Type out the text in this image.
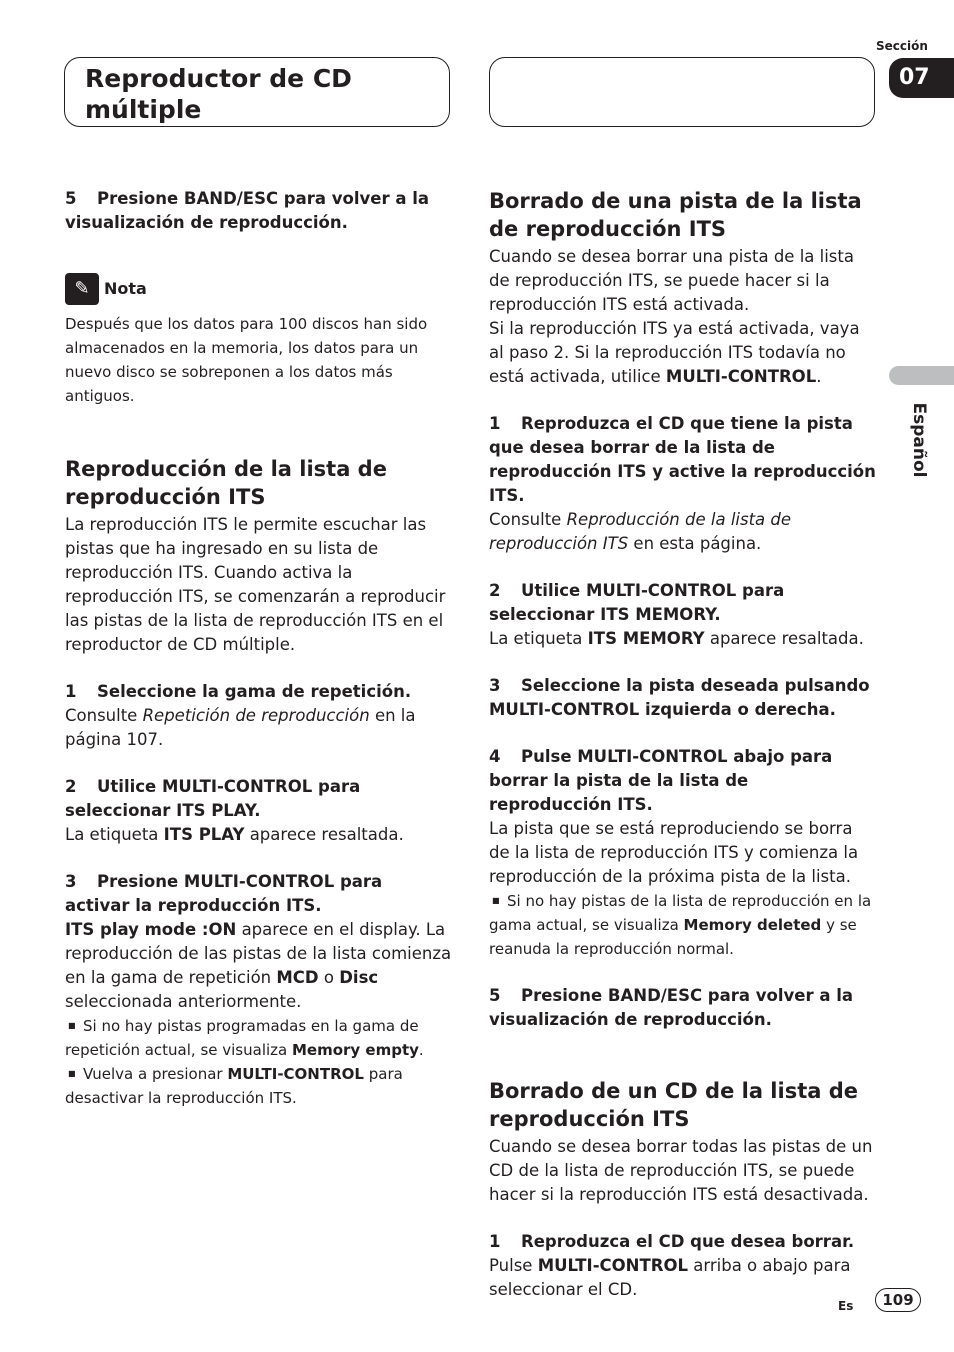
Reproductor de CD múltiple
Sección
07
Español

5 Presione BAND/ESC para volver a la visualización de reproducción.

✎ Nota

Después que los datos para 100 discos han sido almacenados en la memoria, los datos para un nuevo disco se sobreponen a los datos más antiguos.

Reproducción de la lista de reproducción ITS

La reproducción ITS le permite escuchar las pistas que ha ingresado en su lista de reproducción ITS. Cuando activa la reproducción ITS, se comenzarán a reproducir las pistas de la lista de reproducción ITS en el reproductor de CD múltiple.

1 Seleccione la gama de repetición.

Consulte Repetición de reproducción en la página 107.

2 Utilice MULTI-CONTROL para seleccionar ITS PLAY.

La etiqueta ITS PLAY aparece resaltada.

3 Presione MULTI-CONTROL para activar la reproducción ITS.

ITS play mode :ON aparece en el display. La reproducción de las pistas de la lista comienza en la gama de repetición MCD o Disc seleccionada anteriormente.

■ Si no hay pistas programadas en la gama de repetición actual, se visualiza Memory empty.

■ Vuelva a presionar MULTI-CONTROL para desactivar la reproducción ITS.

Borrado de una pista de la lista de reproducción ITS

Cuando se desea borrar una pista de la lista de reproducción ITS, se puede hacer si la reproducción ITS está activada.

Si la reproducción ITS ya está activada, vaya al paso 2. Si la reproducción ITS todavía no está activada, utilice MULTI-CONTROL.

1 Reproduzca el CD que tiene la pista que desea borrar de la lista de reproducción ITS y active la reproducción ITS.

Consulte Reproducción de la lista de reproducción ITS en esta página.

2 Utilice MULTI-CONTROL para seleccionar ITS MEMORY.

La etiqueta ITS MEMORY aparece resaltada.

3 Seleccione la pista deseada pulsando MULTI-CONTROL izquierda o derecha.

4 Pulse MULTI-CONTROL abajo para borrar la pista de la lista de reproducción ITS.

La pista que se está reproduciendo se borra de la lista de reproducción ITS y comienza la reproducción de la próxima pista de la lista.

■ Si no hay pistas de la lista de reproducción en la gama actual, se visualiza Memory deleted y se reanuda la reproducción normal.

5 Presione BAND/ESC para volver a la visualización de reproducción.

Borrado de un CD de la lista de reproducción ITS

Cuando se desea borrar todas las pistas de un CD de la lista de reproducción ITS, se puede hacer si la reproducción ITS está desactivada.

1 Reproduzca el CD que desea borrar.

Pulse MULTI-CONTROL arriba o abajo para seleccionar el CD.

Es	109
